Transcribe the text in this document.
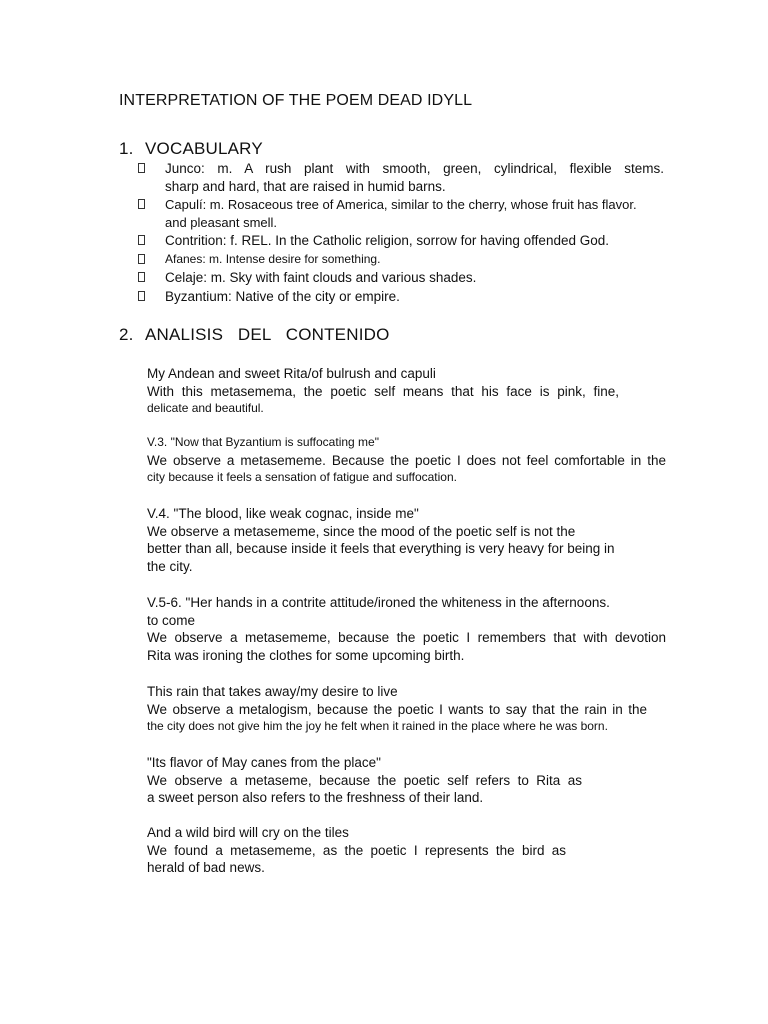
INTERPRETATION OF THE POEM DEAD IDYLL
1. VOCABULARY
Junco: m. A rush plant with smooth, green, cylindrical, flexible stems.
sharp and hard, that are raised in humid barns.
Capulí: m. Rosaceous tree of America, similar to the cherry, whose fruit has flavor.
and pleasant smell.
Contrition: f. REL. In the Catholic religion, sorrow for having offended God.
Afanes: m. Intense desire for something.
Celaje: m. Sky with faint clouds and various shades.
Byzantium: Native of the city or empire.
2. ANALISIS   DEL   CONTENIDO

My Andean and sweet Rita/of bulrush and capuli

With this metasemema, the poetic self means that his face is pink, fine,

delicate and beautiful.

V.3. "Now that Byzantium is suffocating me"

We observe a metasememe. Because the poetic I does not feel comfortable in the

city because it feels a sensation of fatigue and suffocation.

V.4. "The blood, like weak cognac, inside me"

We observe a metasememe, since the mood of the poetic self is not the

better than all, because inside it feels that everything is very heavy for being in

the city.

V.5-6. "Her hands in a contrite attitude/ironed the whiteness in the afternoons.

to come

We observe a metasememe, because the poetic I remembers that with devotion

Rita was ironing the clothes for some upcoming birth.

This rain that takes away/my desire to live

We observe a metalogism, because the poetic I wants to say that the rain in the

the city does not give him the joy he felt when it rained in the place where he was born.

"Its flavor of May canes from the place"

We observe a metaseme, because the poetic self refers to Rita as

a sweet person also refers to the freshness of their land.

And a wild bird will cry on the tiles

We found a metasememe, as the poetic I represents the bird as

herald of bad news.
